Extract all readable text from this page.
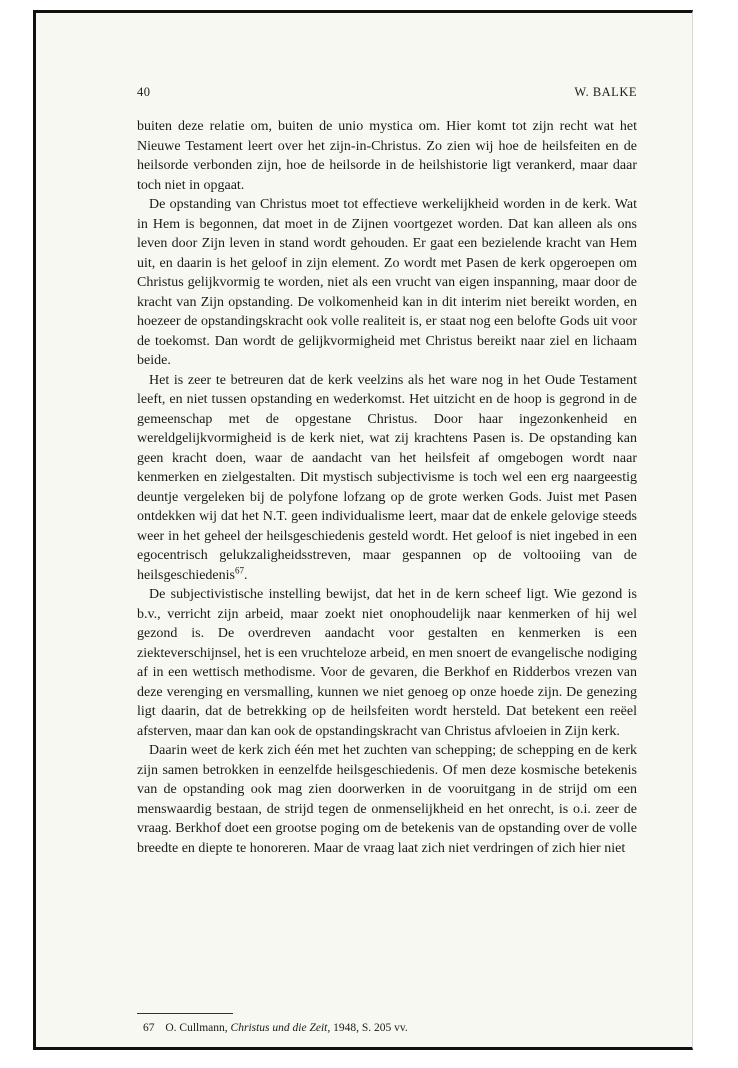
40	W. BALKE

buiten deze relatie om, buiten de unio mystica om. Hier komt tot zijn recht wat het Nieuwe Testament leert over het zijn-in-Christus. Zo zien wij hoe de heilsfeiten en de heilsorde verbonden zijn, hoe de heilsorde in de heilshistorie ligt verankerd, maar daar toch niet in opgaat.

De opstanding van Christus moet tot effectieve werkelijkheid worden in de kerk. Wat in Hem is begonnen, dat moet in de Zijnen voortgezet worden. Dat kan alleen als ons leven door Zijn leven in stand wordt gehouden. Er gaat een bezielende kracht van Hem uit, en daarin is het geloof in zijn element. Zo wordt met Pasen de kerk opgeroepen om Christus gelijkvormig te worden, niet als een vrucht van eigen inspanning, maar door de kracht van Zijn opstanding. De volkomenheid kan in dit interim niet bereikt worden, en hoezeer de opstandingskracht ook volle realiteit is, er staat nog een belofte Gods uit voor de toekomst. Dan wordt de gelijkvormigheid met Christus bereikt naar ziel en lichaam beide.

Het is zeer te betreuren dat de kerk veelzins als het ware nog in het Oude Testament leeft, en niet tussen opstanding en wederkomst. Het uitzicht en de hoop is gegrond in de gemeenschap met de opgestane Christus. Door haar ingezonkenheid en wereldgelijkvormigheid is de kerk niet, wat zij krachtens Pasen is. De opstanding kan geen kracht doen, waar de aandacht van het heilsfeit af omgebogen wordt naar kenmerken en zielgestalten. Dit mystisch subjectivisme is toch wel een erg naargeestig deuntje vergeleken bij de polyfone lofzang op de grote werken Gods. Juist met Pasen ontdekken wij dat het N.T. geen individualisme leert, maar dat de enkele gelovige steeds weer in het geheel der heilsgeschiedenis gesteld wordt. Het geloof is niet ingebed in een egocentrisch gelukzaligheidsstreven, maar gespannen op de voltooiing van de heilsgeschiedenis$^{67}$.

De subjectivistische instelling bewijst, dat het in de kern scheef ligt. Wie gezond is b.v., verricht zijn arbeid, maar zoekt niet onophoudelijk naar kenmerken of hij wel gezond is. De overdreven aandacht voor gestalten en kenmerken is een ziekteverschijnsel, het is een vruchteloze arbeid, en men snoert de evangelische nodiging af in een wettisch methodisme. Voor de gevaren, die Berkhof en Ridderbos vrezen van deze verenging en versmalling, kunnen we niet genoeg op onze hoede zijn. De genezing ligt daarin, dat de betrekking op de heilsfeiten wordt hersteld. Dat betekent een reëel afsterven, maar dan kan ook de opstandingskracht van Christus afvloeien in Zijn kerk.

Daarin weet de kerk zich één met het zuchten van schepping; de schepping en de kerk zijn samen betrokken in eenzelfde heilsgeschiedenis. Of men deze kosmische betekenis van de opstanding ook mag zien doorwerken in de vooruitgang in de strijd om een menswaardig bestaan, de strijd tegen de onmenselijkheid en het onrecht, is o.i. zeer de vraag. Berkhof doet een grootse poging om de betekenis van de opstanding over de volle breedte en diepte te honoreren. Maar de vraag laat zich niet verdringen of zich hier niet

67 O. Cullmann, Christus und die Zeit, 1948, S. 205 vv.
